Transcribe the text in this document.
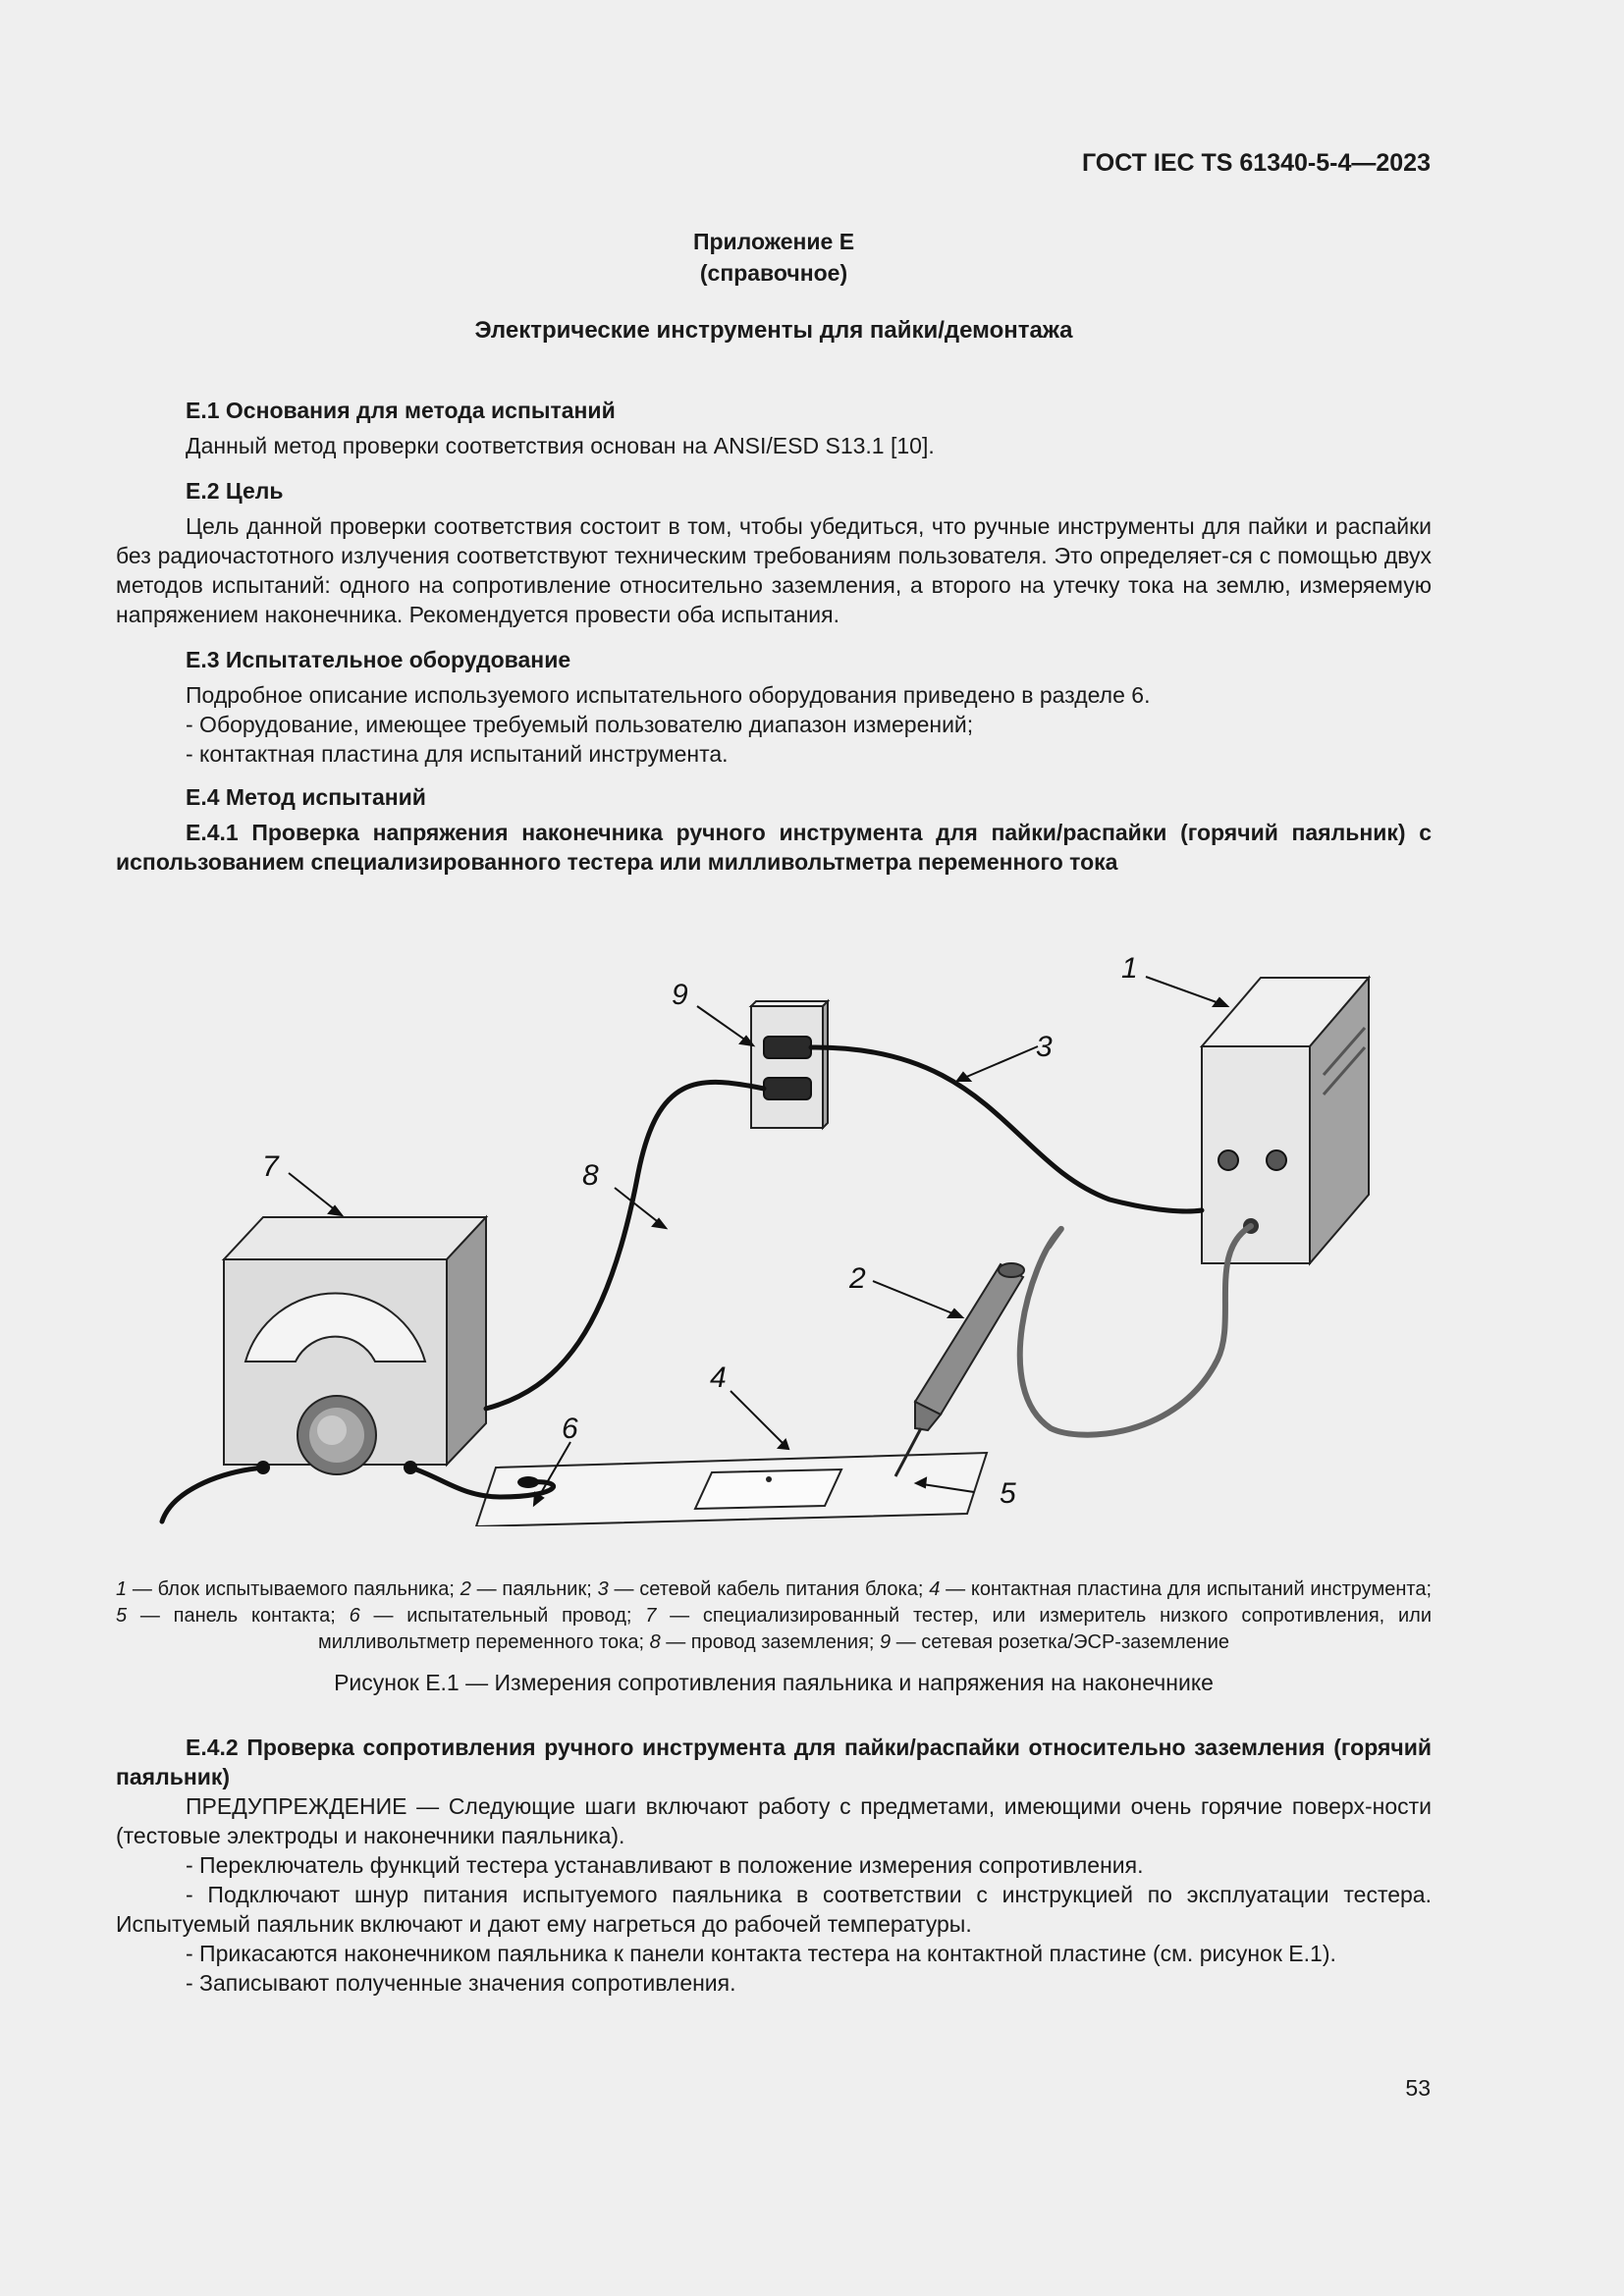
ГОСТ IEC TS 61340-5-4—2023
Приложение Е
(справочное)
Электрические инструменты для пайки/демонтажа

Е.1 Основания для метода испытаний

Данный метод проверки соответствия основан на ANSI/ESD S13.1 [10].

Е.2 Цель

Цель данной проверки соответствия состоит в том, чтобы убедиться, что ручные инструменты для пайки и распайки без радиочастотного излучения соответствуют техническим требованиям пользователя. Это определяет-ся с помощью двух методов испытаний: одного на сопротивление относительно заземления, а второго на утечку тока на землю, измеряемую напряжением наконечника. Рекомендуется провести оба испытания.

Е.3 Испытательное оборудование

Подробное описание используемого испытательного оборудования приведено в разделе 6.

- Оборудование, имеющее требуемый пользователю диапазон измерений;

- контактная пластина для испытаний инструмента.

Е.4 Метод испытаний

Е.4.1 Проверка напряжения наконечника ручного инструмента для пайки/распайки (горячий паяльник) с использованием специализированного тестера или милливольтметра переменного тока

1
2
3
4
5
6
7	8
9
1 — блок испытываемого паяльника; 2 — паяльник; 3 — сетевой кабель питания блока; 4 — контактная пластина для испытаний инструмента; 5 — панель контакта; 6 — испытательный провод; 7 — специализированный тестер, или измеритель низкого сопротивления, или милливольтметр переменного тока; 8 — провод заземления; 9 — сетевая розетка/ЭСР-заземление
Рисунок Е.1 — Измерения сопротивления паяльника и напряжения на наконечнике

Е.4.2 Проверка сопротивления ручного инструмента для пайки/распайки относительно заземления (горячий паяльник)

ПРЕДУПРЕЖДЕНИЕ — Следующие шаги включают работу с предметами, имеющими очень горячие поверх-ности (тестовые электроды и наконечники паяльника).

- Переключатель функций тестера устанавливают в положение измерения сопротивления.

- Подключают шнур питания испытуемого паяльника в соответствии с инструкцией по эксплуатации тестера. Испытуемый паяльник включают и дают ему нагреться до рабочей температуры.

- Прикасаются наконечником паяльника к панели контакта тестера на контактной пластине (см. рисунок Е.1).

- Записывают полученные значения сопротивления.

53
